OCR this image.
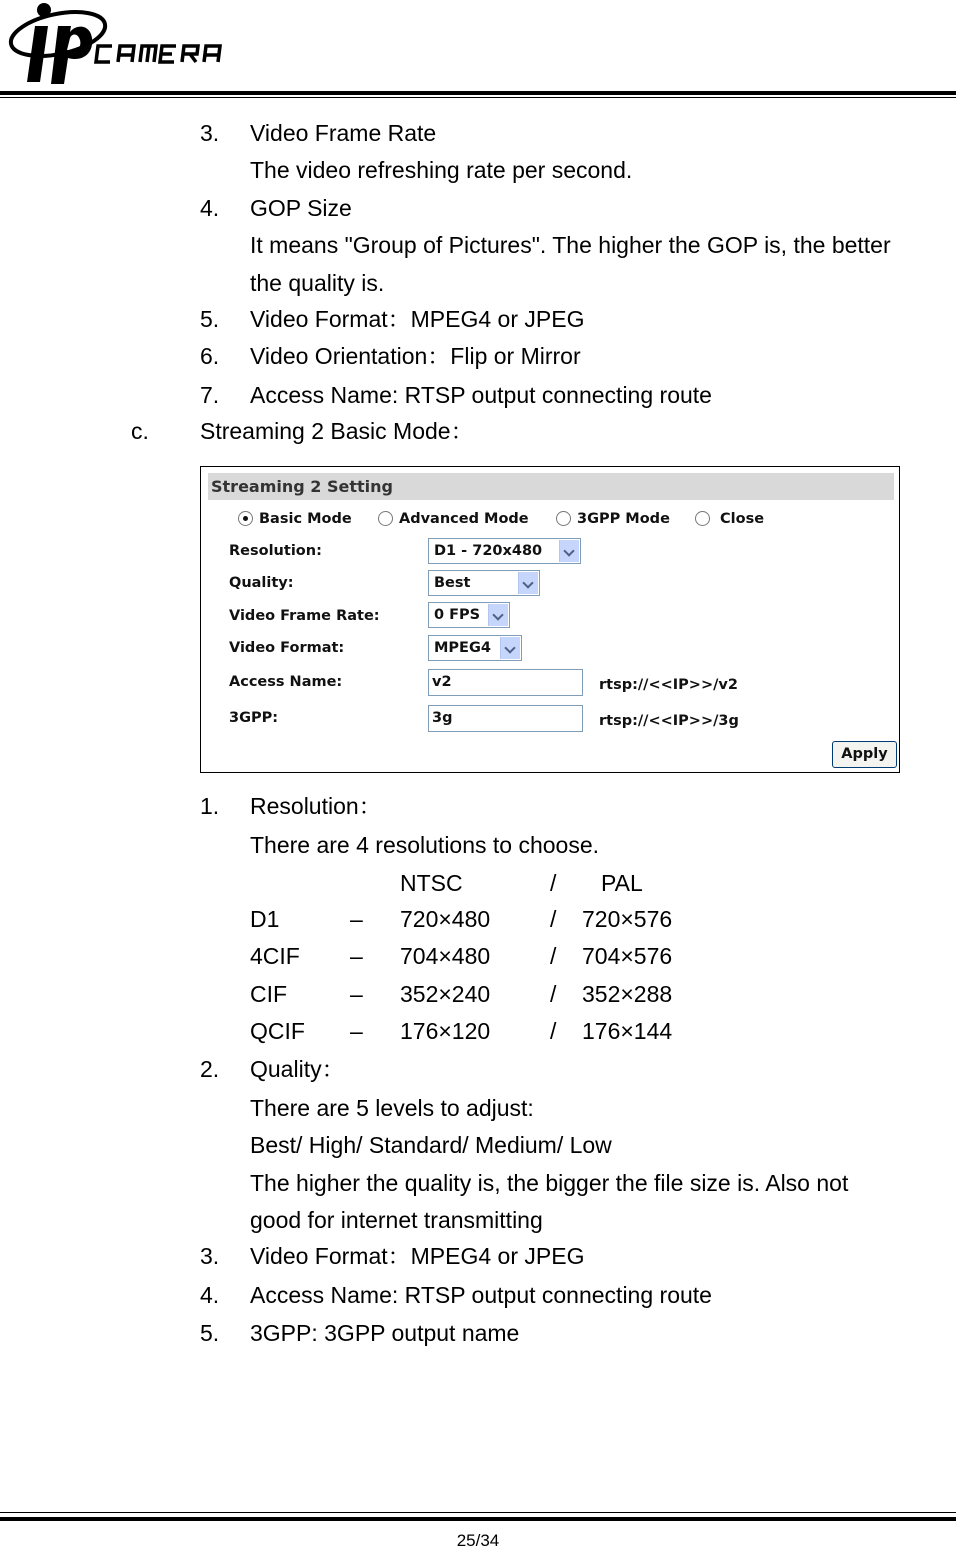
3. Video Frame Rate
The video refreshing rate per second.
4. GOP Size
It means "Group of Pictures". The higher the GOP is, the better
the quality is.
5. Video Format：MPEG4 or JPEG
6. Video Orientation：Flip or Mirror
7. Access Name: RTSP output connecting route
c. Streaming 2 Basic Mode：
Streaming 2 Setting
Basic Mode	Advanced Mode	3GPP Mode	Close
Resolution:	D1 - 720x480
Quality:	Best
Video Frame Rate:	0 FPS
Video Format:	MPEG4
Access Name:	v2	rtsp://<<IP>>/v2
3GPP:	3g	rtsp://<<IP>>/3g
Apply
1. Resolution：
There are 4 resolutions to choose.
NTSC	/ PAL
D1	– 720×480	/ 720×576
4CIF – 704×480	/ 704×576
CIF	– 352×240	/ 352×288
QCIF – 176×120	/ 176×144
2. Quality：
There are 5 levels to adjust:
Best/ High/ Standard/ Medium/ Low
The higher the quality is, the bigger the file size is. Also not
good for internet transmitting
3. Video Format：MPEG4 or JPEG
4. Access Name: RTSP output connecting route
5. 3GPP: 3GPP output name
25/34
